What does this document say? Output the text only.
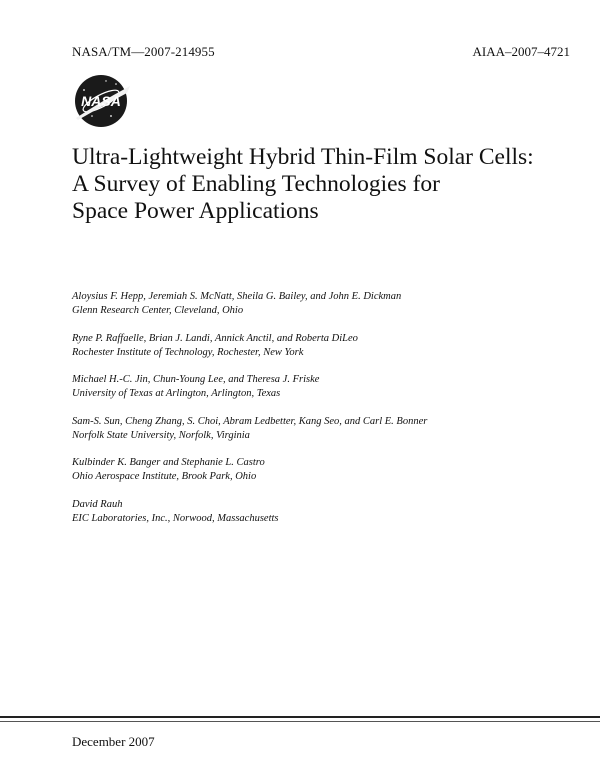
NASA/TM—2007-214955	AIAA–2007–4721
NASA
Ultra-Lightweight Hybrid Thin-Film Solar Cells:
A Survey of Enabling Technologies for
Space Power Applications
Aloysius F. Hepp, Jeremiah S. McNatt, Sheila G. Bailey, and John E. Dickman
Glenn Research Center, Cleveland, Ohio
Ryne P. Raffaelle, Brian J. Landi, Annick Anctil, and Roberta DiLeo
Rochester Institute of Technology, Rochester, New York
Michael H.-C. Jin, Chun-Young Lee, and Theresa J. Friske
University of Texas at Arlington, Arlington, Texas
Sam-S. Sun, Cheng Zhang, S. Choi, Abram Ledbetter, Kang Seo, and Carl E. Bonner
Norfolk State University, Norfolk, Virginia
Kulbinder K. Banger and Stephanie L. Castro
Ohio Aerospace Institute, Brook Park, Ohio
David Rauh
EIC Laboratories, Inc., Norwood, Massachusetts
December 2007
